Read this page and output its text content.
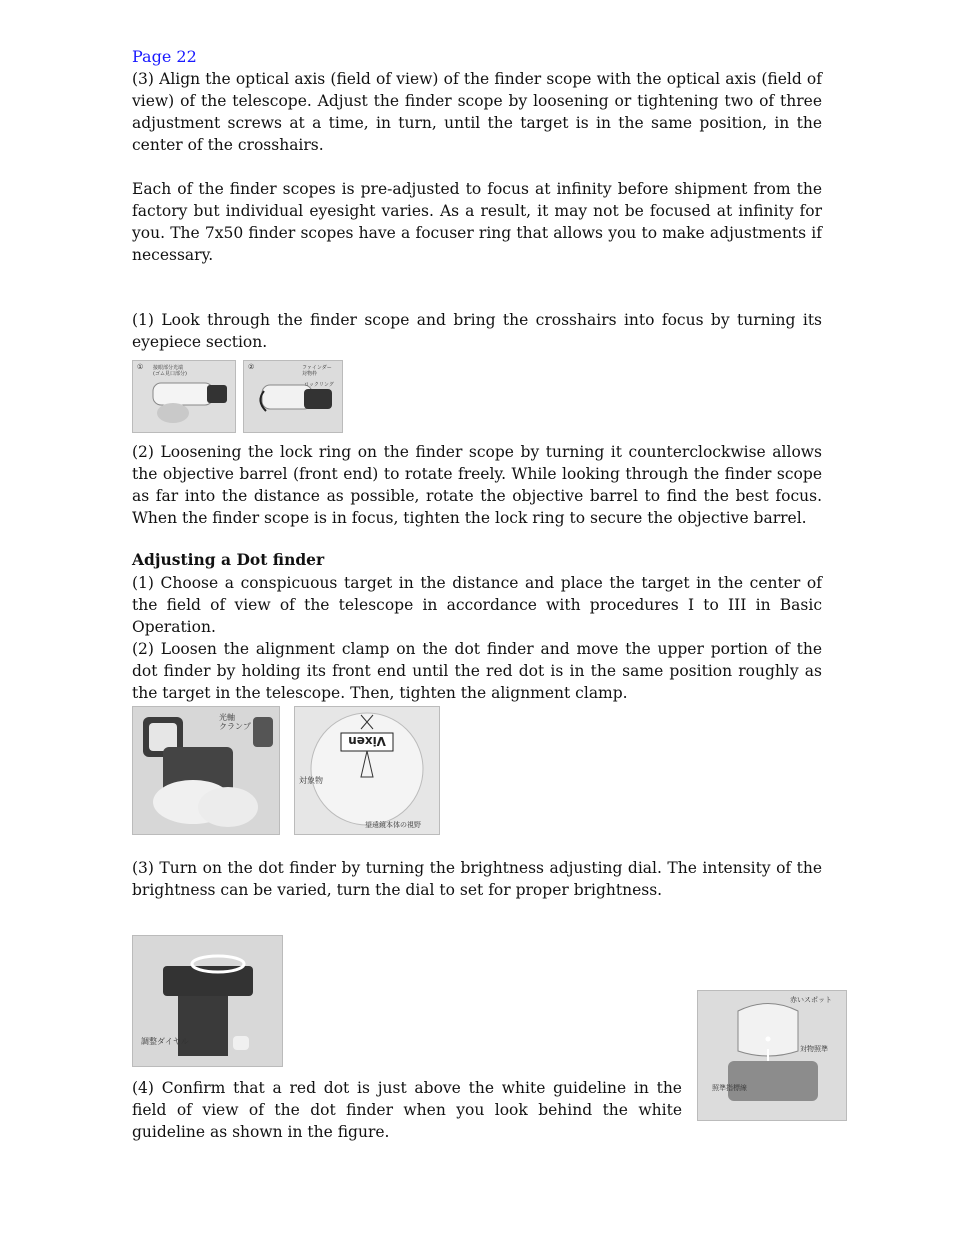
Page 22

(3) Align the optical axis (field of view) of the finder scope with the optical axis (field of view) of the telescope. Adjust the finder scope by loosening or tightening two of three adjustment screws at a time, in turn, until the target is in the same position, in the center of the crosshairs.

Each of the finder scopes is pre-adjusted to focus at infinity before shipment from the factory but individual eyesight varies. As a result, it may not be focused at infinity for you. The 7x50 finder scopes have a focuser ring that allows you to make adjustments if necessary.

(1) Look through the finder scope and bring the crosshairs into focus by turning its eyepiece section.

① 接眼部分光端(ゴム見口部分)
②	ファインダー対物枠
ロックリング

(2) Loosening the lock ring on the finder scope by turning it counterclockwise allows the objective barrel (front end) to rotate freely. While looking through the finder scope as far into the distance as possible, rotate the objective barrel to find the best focus. When the finder scope is in focus, tighten the lock ring to secure the objective barrel.

Adjusting a Dot finder

(1) Choose a conspicuous target in the distance and place the target in the center of the field of view of the telescope in accordance with procedures I to III in Basic Operation.

(2) Loosen the alignment clamp on the dot finder and move the upper portion of the dot finder by holding its front end until the red dot is in the same position roughly as the target in the telescope. Then, tighten the alignment clamp.

光軸クランプ
Vixen
対象物
望遠鏡本体の視野

(3) Turn on the dot finder by turning the brightness adjusting dial. The intensity of the brightness can be varied, turn the dial to set for proper brightness.

調整ダイヤル
赤いスポット
対物照準
照準指標線

(4) Confirm that a red dot is just above the white guideline in the field of view of the dot finder when you look behind the white guideline as shown in the figure.
